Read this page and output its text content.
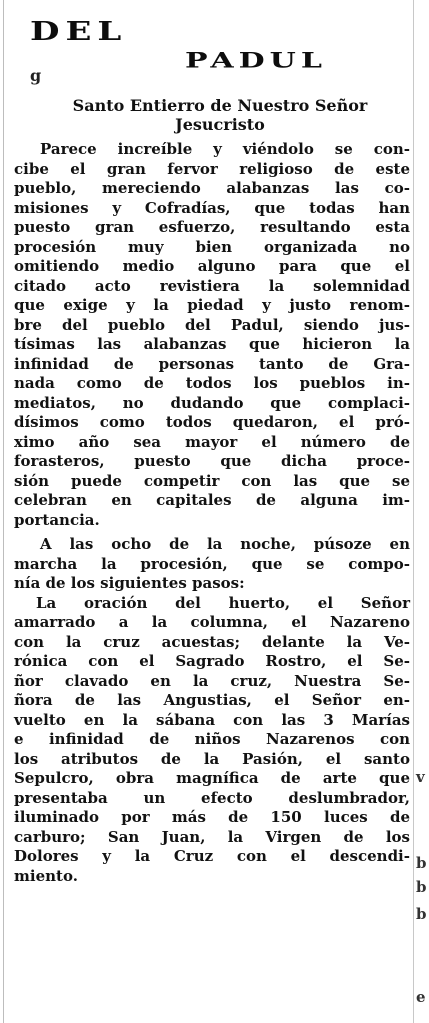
DEL
PADUL
g
Santo Entierro de Nuestro Señor
Jesucristo
Parece increíble y viéndolo se con-
cibe el gran fervor religioso de este
pueblo, mereciendo alabanzas las co-
misiones y Cofradías, que todas han
puesto gran esfuerzo, resultando esta
procesión muy bien organizada no
omitiendo medio alguno para que el
citado acto revistiera la solemnidad
que exige y la piedad y justo renom-
bre del pueblo del Padul, siendo jus-
tísimas las alabanzas que hicieron la
infinidad de personas tanto de Gra-
nada como de todos los pueblos in-
mediatos, no dudando que complaci-
dísimos como todos quedaron, el pró-
ximo año sea mayor el número de
forasteros, puesto que dicha proce-
sión puede competir con las que se
celebran en capitales de alguna im-
portancia.
A las ocho de la noche, púsoze en
marcha la procesión, que se compo-
nía de los siguientes pasos:
La oración del huerto, el Señor
amarrado a la columna, el Nazareno
con la cruz acuestas; delante la Ve-
rónica con el Sagrado Rostro, el Se-
ñor clavado en la cruz, Nuestra Se-
ñora de las Angustias, el Señor en-
vuelto en la sábana con las 3 Marías
e infinidad de niños Nazarenos con
los atributos de la Pasión, el santo
Sepulcro, obra magnífica de arte que
presentaba un efecto deslumbrador,
iluminado por más de 150 luces de
carburo; San Juan, la Virgen de los
Dolores y la Cruz con el descendi-
miento.
v
b
b
b
e
